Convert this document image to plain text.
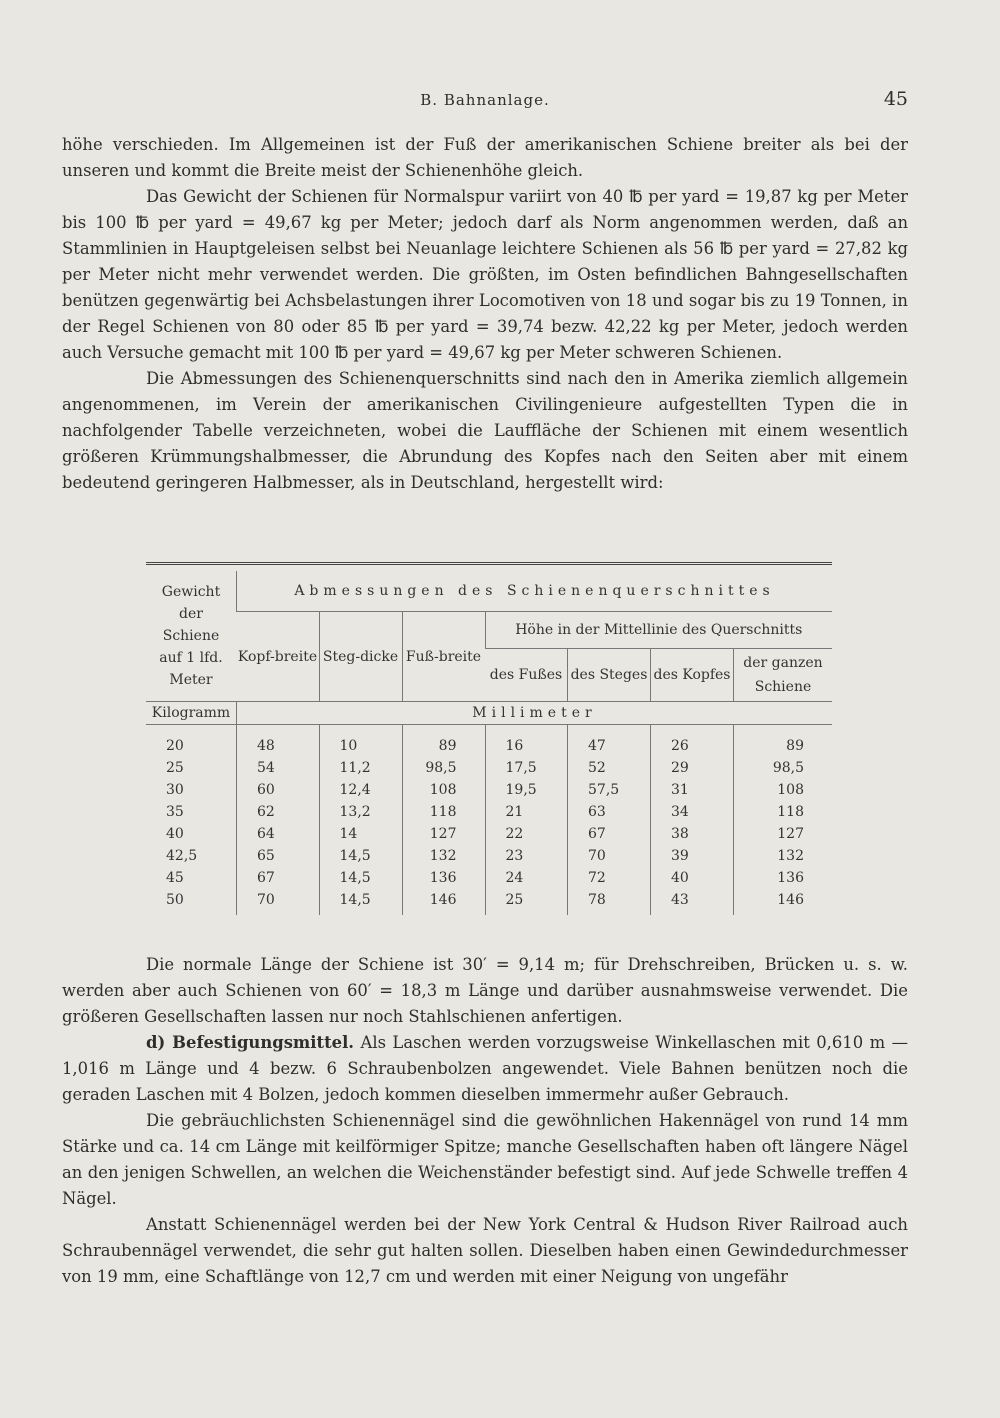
B. Bahnanlage.	45

höhe verschieden. Im Allgemeinen ist der Fuß der amerikanischen Schiene breiter als bei der unseren und kommt die Breite meist der Schienenhöhe gleich.

Das Gewicht der Schienen für Normalspur variirt von 40 ℔ per yard = 19,87 kg per Meter bis 100 ℔ per yard = 49,67 kg per Meter; jedoch darf als Norm angenommen werden, daß an Stammlinien in Hauptgeleisen selbst bei Neuanlage leichtere Schienen als 56 ℔ per yard = 27,82 kg per Meter nicht mehr verwendet werden. Die größten, im Osten befindlichen Bahngesellschaften benützen gegenwärtig bei Achsbelastungen ihrer Locomotiven von 18 und sogar bis zu 19 Tonnen, in der Regel Schienen von 80 oder 85 ℔ per yard = 39,74 bezw. 42,22 kg per Meter, jedoch werden auch Versuche gemacht mit 100 ℔ per yard = 49,67 kg per Meter schweren Schienen.

Die Abmessungen des Schienenquerschnitts sind nach den in Amerika ziemlich allgemein angenommenen, im Verein der amerikanischen Civilingenieure aufgestellten Typen die in nachfolgender Tabelle verzeichneten, wobei die Lauffläche der Schienen mit einem wesentlich größeren Krümmungshalbmesser, die Abrundung des Kopfes nach den Seiten aber mit einem bedeutend geringeren Halbmesser, als in Deutschland, hergestellt wird:

Gewicht der Schiene auf 1 lfd. Meter	Abmessungen des Schienenquerschnittes						
	Kopf-breite	Steg-dicke	Fuß-breite	Höhe in der Mittellinie des Querschnitts			
				des Fußes	des Steges	des Kopfes	der ganzen Schiene
Kilogramm	Millimeter						
20	48	10	89	16	47	26	89
25	54	11,2	98,5	17,5	52	29	98,5
30	60	12,4	108	19,5	57,5	31	108
35	62	13,2	118	21	63	34	118
40	64	14	127	22	67	38	127
42,5	65	14,5	132	23	70	39	132
45	67	14,5	136	24	72	40	136
50	70	14,5	146	25	78	43	146

Die normale Länge der Schiene ist 30′ = 9,14 m; für Drehschreiben, Brücken u. s. w. werden aber auch Schienen von 60′ = 18,3 m Länge und darüber ausnahmsweise verwendet. Die größeren Gesellschaften lassen nur noch Stahlschienen anfertigen.

d) Befestigungsmittel. Als Laschen werden vorzugsweise Winkellaschen mit 0,610 m — 1,016 m Länge und 4 bezw. 6 Schraubenbolzen angewendet. Viele Bahnen benützen noch die geraden Laschen mit 4 Bolzen, jedoch kommen dieselben immermehr außer Gebrauch.

Die gebräuchlichsten Schienennägel sind die gewöhnlichen Hakennägel von rund 14 mm Stärke und ca. 14 cm Länge mit keilförmiger Spitze; manche Gesellschaften haben oft längere Nägel an den jenigen Schwellen, an welchen die Weichenständer befestigt sind. Auf jede Schwelle treffen 4 Nägel.

Anstatt Schienennägel werden bei der New York Central & Hudson River Railroad auch Schraubennägel verwendet, die sehr gut halten sollen. Dieselben haben einen Gewindedurchmesser von 19 mm, eine Schaftlänge von 12,7 cm und werden mit einer Neigung von ungefähr
